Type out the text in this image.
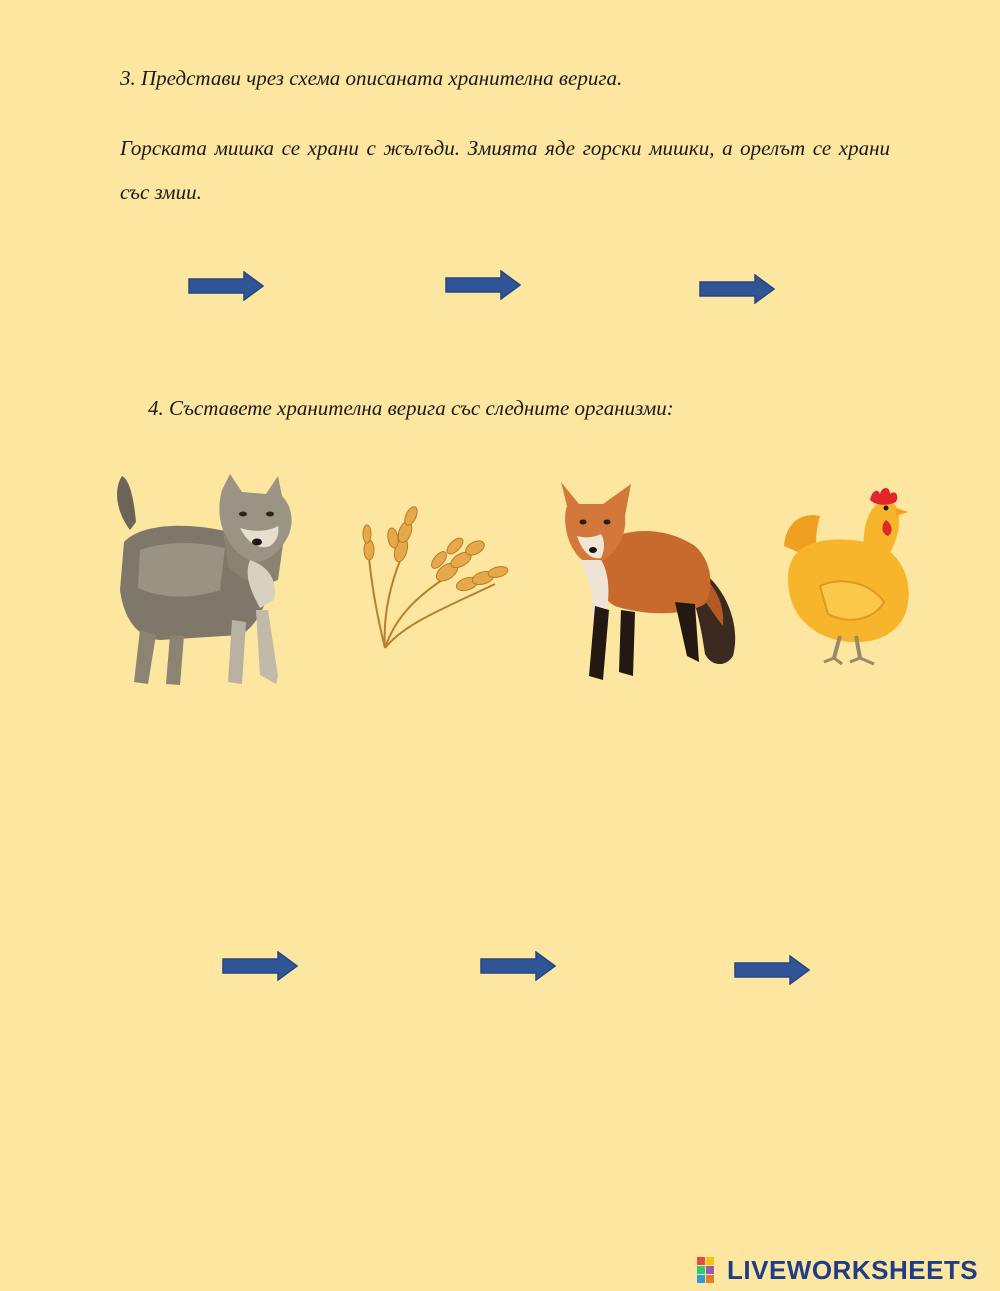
3. Представи чрез схема описаната хранителна верига.
Горската мишка се храни с жълъди. Змията яде горски мишки, а орелът се храни със змии.
4. Съставете хранителна верига със следните организми:
LIVEWORKSHEETS
